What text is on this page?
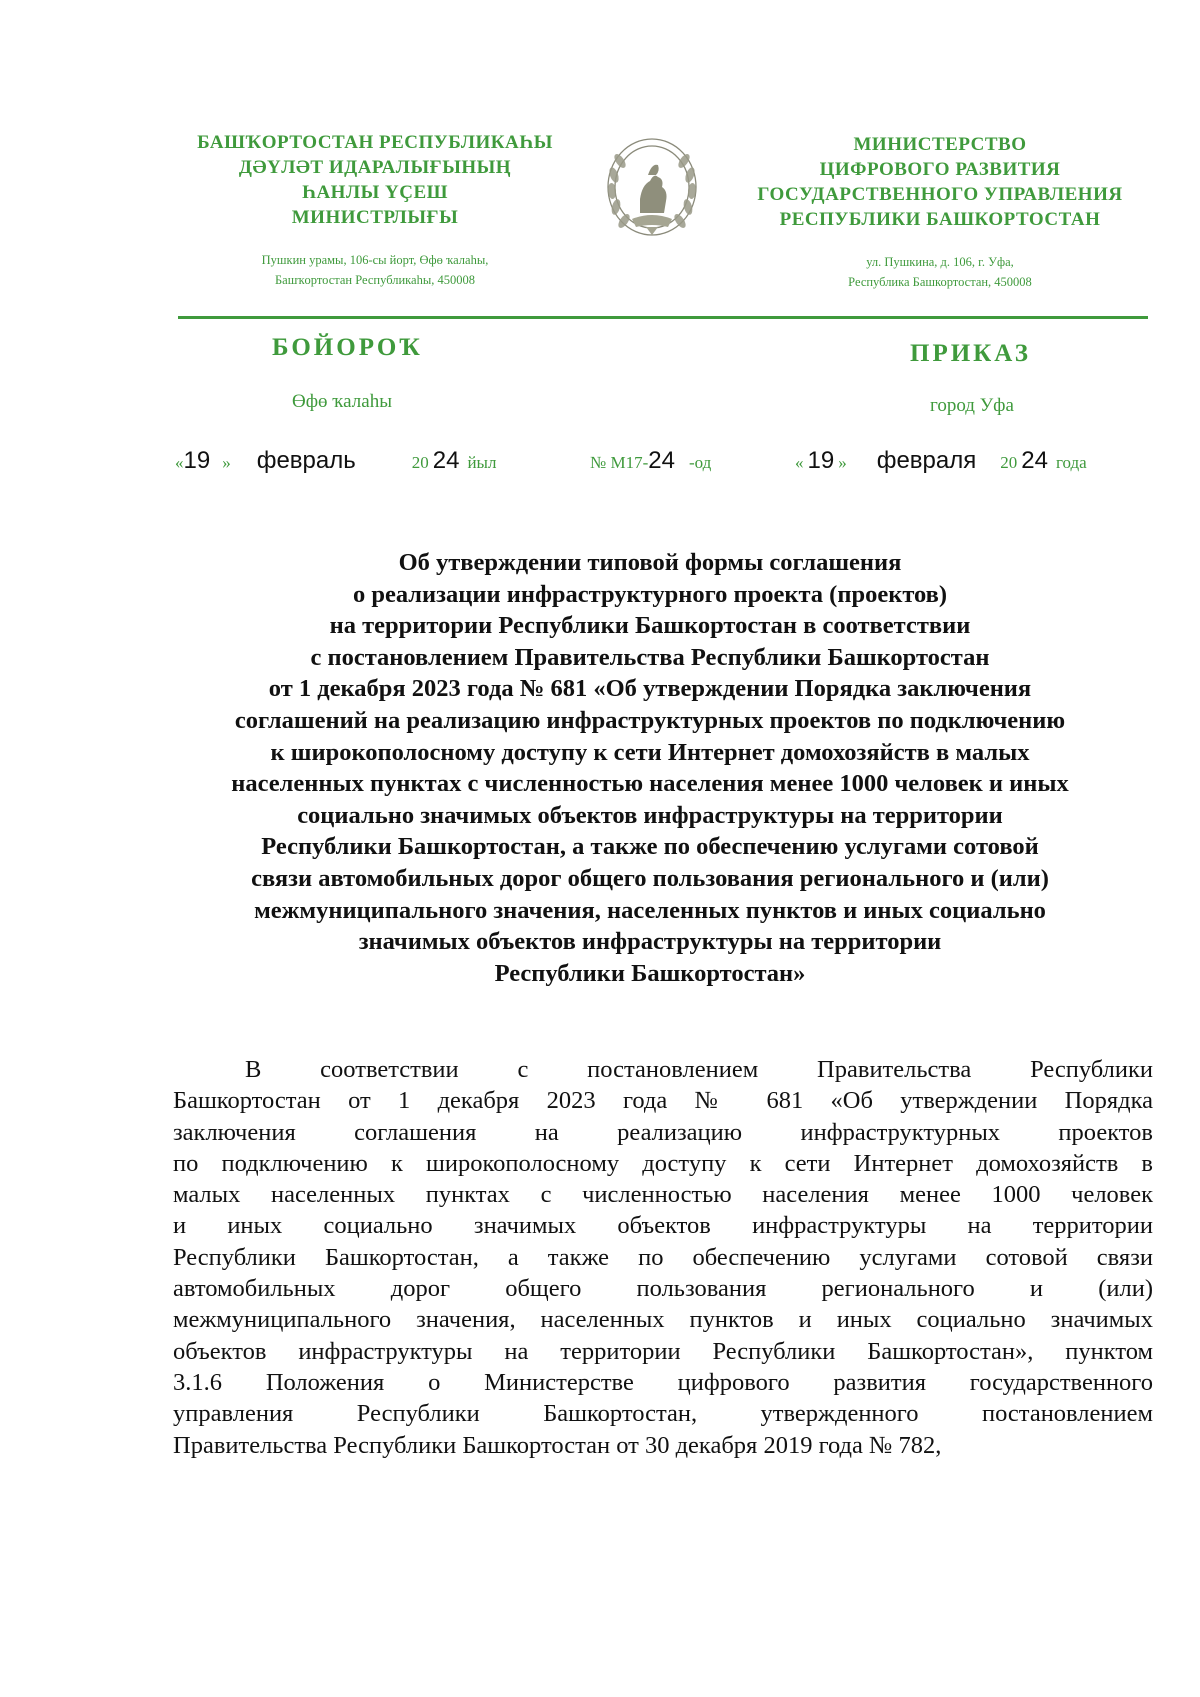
БАШҠОРТОСТАН РЕСПУБЛИКАҺЫ
ДӘҮЛӘТ ИДАРАЛЫҒЫНЫҢ
ҺАНЛЫ ҮҪЕШ
МИНИСТРЛЫҒЫ
Пушкин урамы, 106-сы йорт, Өфө ҡалаһы,
Башҡортостан Республикаһы, 450008
МИНИСТЕРСТВО
ЦИФРОВОГО РАЗВИТИЯ
ГОСУДАРСТВЕННОГО УПРАВЛЕНИЯ
РЕСПУБЛИКИ БАШКОРТОСТАН
ул. Пушкина, д. 106, г. Уфа,
Республика Башкортостан, 450008
БОЙОРОҠ	ПРИКАЗ
Өфө ҡалаһы	город Уфа
«19 » февраль	20 24 йыл	№ М17-24 -од	« 19 » февраля 20 24 года
Об утверждении типовой формы соглашения
о реализации инфраструктурного проекта (проектов)
на территории Республики Башкортостан в соответствии
с постановлением Правительства Республики Башкортостан
от 1 декабря 2023 года № 681 «Об утверждении Порядка заключения
соглашений на реализацию инфраструктурных проектов по подключению
к широкополосному доступу к сети Интернет домохозяйств в малых
населенных пунктах с численностью населения менее 1000 человек и иных
социально значимых объектов инфраструктуры на территории
Республики Башкортостан, а также по обеспечению услугами сотовой
связи автомобильных дорог общего пользования регионального и (или)
межмуниципального значения, населенных пунктов и иных социально
значимых объектов инфраструктуры на территории
Республики Башкортостан»
В соответствии с постановлением Правительства Республики
Башкортостан от 1 декабря 2023 года № 681 «Об утверждении Порядка
заключения соглашения на реализацию инфраструктурных проектов
по подключению к широкополосному доступу к сети Интернет домохозяйств в
малых населенных пунктах с численностью населения менее 1000 человек
и иных социально значимых объектов инфраструктуры на территории
Республики Башкортостан, а также по обеспечению услугами сотовой связи
автомобильных дорог общего пользования регионального и (или)
межмуниципального значения, населенных пунктов и иных социально значимых
объектов инфраструктуры на территории Республики Башкортостан», пунктом
3.1.6 Положения о Министерстве цифрового развития государственного
управления Республики Башкортостан, утвержденного постановлением
Правительства Республики Башкортостан от 30 декабря 2019 года № 782,
